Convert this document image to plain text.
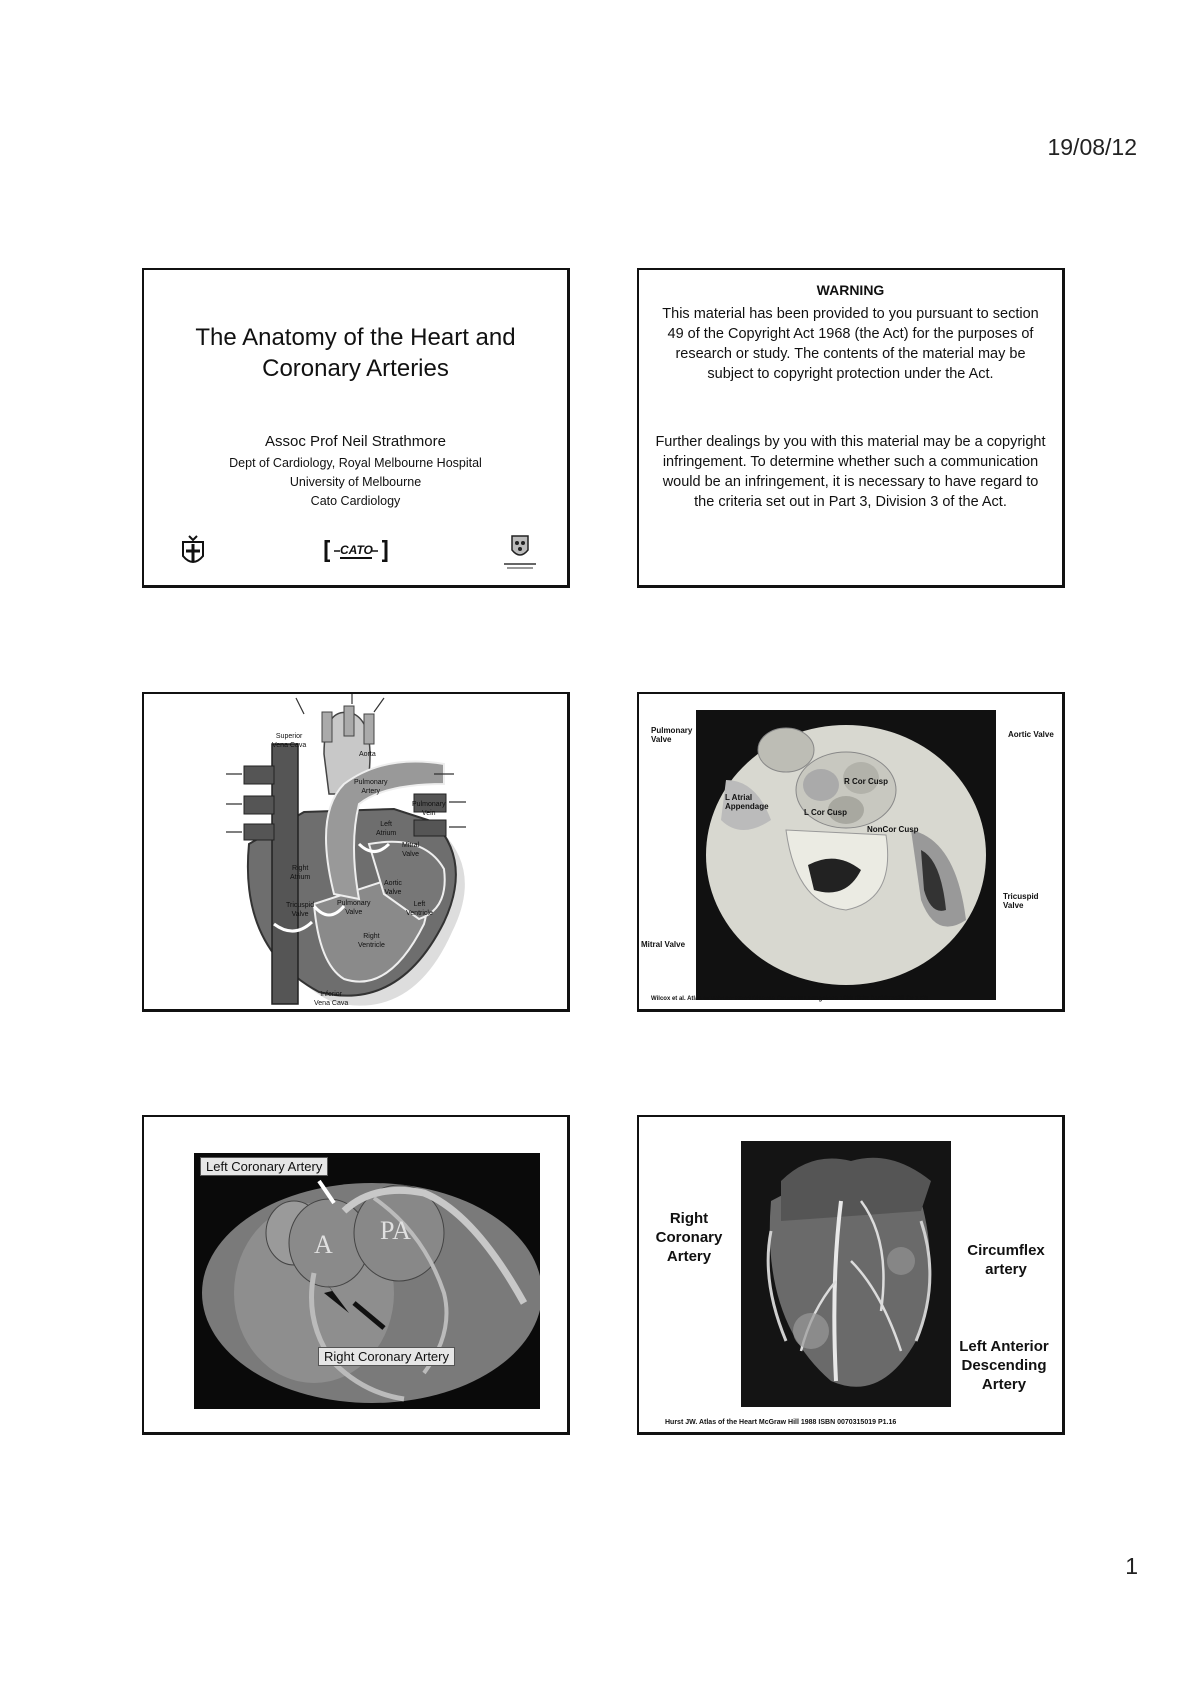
19/08/12
The Anatomy of the Heart and
Coronary Arteries
Assoc Prof Neil Strathmore
Dept of Cardiology, Royal Melbourne Hospital
University of Melbourne
Cato Cardiology
CATO
WARNING
This material has been provided to you pursuant to section 49 of the Copyright Act 1968 (the Act) for the purposes of research or study. The contents of the material may be subject to copyright protection under the Act.
Further dealings by you with this material may be a copyright infringement. To determine whether such a communication would be an infringement, it is necessary to have regard to the criteria set out in Part 3, Division 3 of the Act.
Superior
Vena Cava
Aorta
Pulmonary
Artery
Pulmonary
Vein
Left
Atrium
Mitral
Valve
Right
Atrium
Aortic
Valve
Tricuspid
Valve
Pulmonary
Valve
Left
Ventricle
Right
Ventricle
Inferior
Vena Cava
Pulmonary
Valve
Aortic Valve
R Cor Cusp
L Atrial
Appendage
L Cor Cusp
NonCor Cusp
Tricuspid
Valve
Mitral Valve
Wilcox et al. Atlas of Valvular Heart Disease Churchill Livingstone 1998 ISBN 0443075538 Ch 1 P8
A PA
Left Coronary Artery
Right Coronary Artery
Right
Coronary
Artery	Circumflex
artery
Left Anterior
Descending
Artery
Hurst JW. Atlas of the Heart McGraw Hill 1988 ISBN 0070315019 P1.16
1
